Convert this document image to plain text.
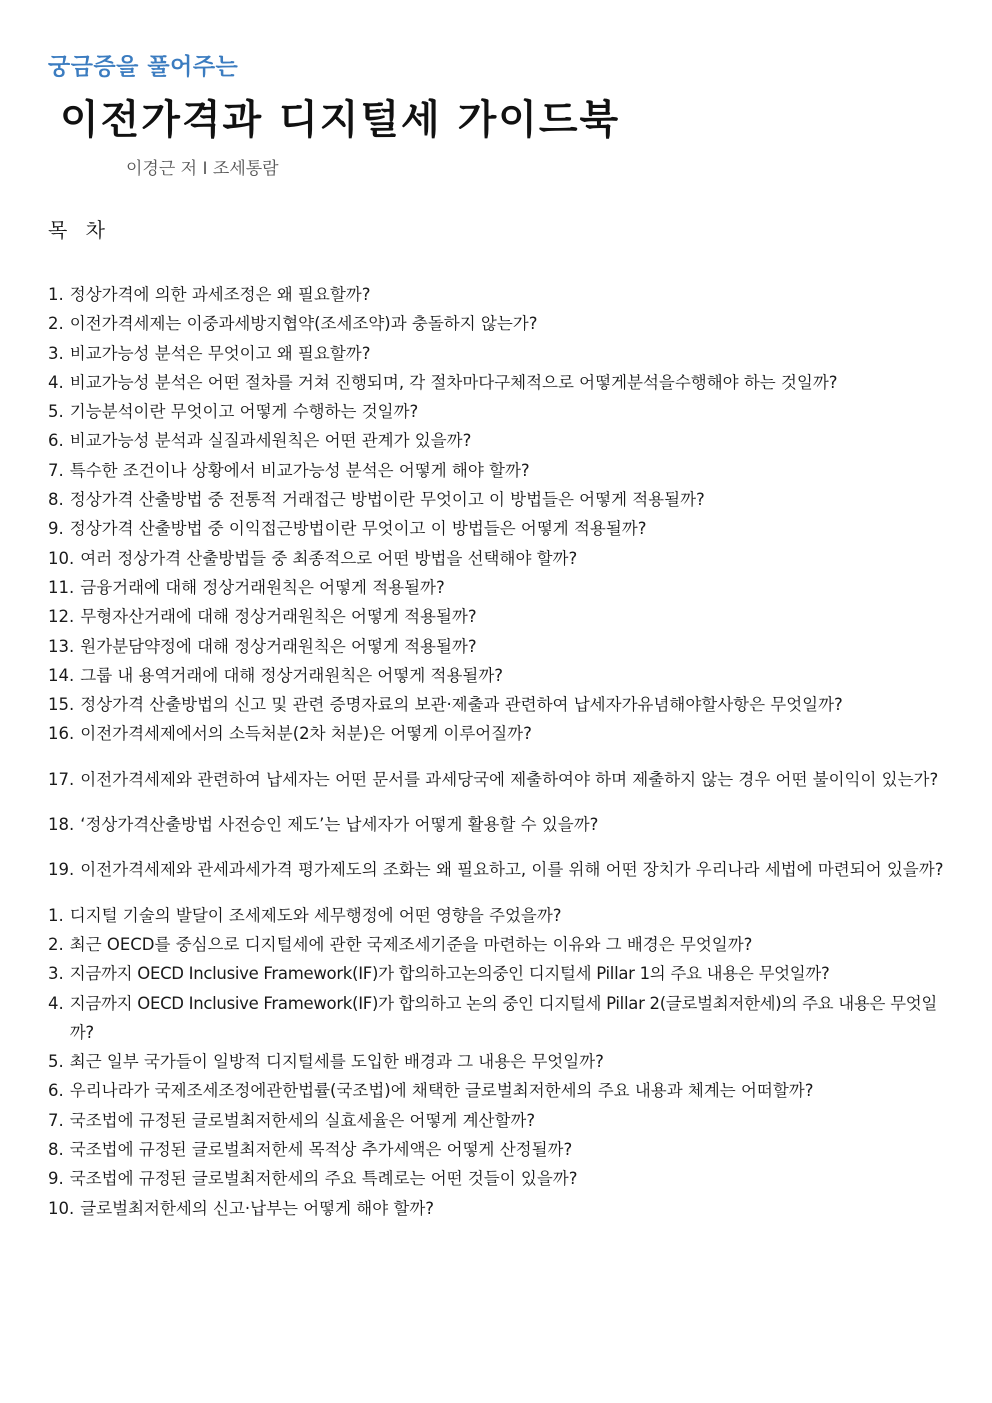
궁금증을 풀어주는
이전가격과 디지털세 가이드북
이경근 저 I 조세통람
목 차
1. 정상가격에 의한 과세조정은 왜 필요할까?
2. 이전가격세제는 이중과세방지협약(조세조약)과 충돌하지 않는가?
3. 비교가능성 분석은 무엇이고 왜 필요할까?
4. 비교가능성 분석은 어떤 절차를 거쳐 진행되며, 각 절차마다구체적으로 어떻게분석을수행해야 하는 것일까?
5. 기능분석이란 무엇이고 어떻게 수행하는 것일까?
6. 비교가능성 분석과 실질과세원칙은 어떤 관계가 있을까?
7. 특수한 조건이나 상황에서 비교가능성 분석은 어떻게 해야 할까?
8. 정상가격 산출방법 중 전통적 거래접근 방법이란 무엇이고 이 방법들은 어떻게 적용될까?
9. 정상가격 산출방법 중 이익접근방법이란 무엇이고 이 방법들은 어떻게 적용될까?
10. 여러 정상가격 산출방법들 중 최종적으로 어떤 방법을 선택해야 할까?
11. 금융거래에 대해 정상거래원칙은 어떻게 적용될까?
12. 무형자산거래에 대해 정상거래원칙은 어떻게 적용될까?
13. 원가분담약정에 대해 정상거래원칙은 어떻게 적용될까?
14. 그룹 내 용역거래에 대해 정상거래원칙은 어떻게 적용될까?
15. 정상가격 산출방법의 신고 및 관련 증명자료의 보관·제출과 관련하여 납세자가유념해야할사항은 무엇일까?
16. 이전가격세제에서의 소득처분(2차 처분)은 어떻게 이루어질까?
17. 이전가격세제와 관련하여 납세자는 어떤 문서를 과세당국에 제출하여야 하며 제출하지 않는 경우 어떤 불이익이 있는가?
18. ‘정상가격산출방법 사전승인 제도’는 납세자가 어떻게 활용할 수 있을까?
19. 이전가격세제와 관세과세가격 평가제도의 조화는 왜 필요하고, 이를 위해 어떤 장치가 우리나라 세법에 마련되어 있을까?
1. 디지털 기술의 발달이 조세제도와 세무행정에 어떤 영향을 주었을까?
2. 최근 OECD를 중심으로 디지털세에 관한 국제조세기준을 마련하는 이유와 그 배경은 무엇일까?
3. 지금까지 OECD Inclusive Framework(IF)가 합의하고논의중인 디지털세 Pillar 1의 주요 내용은 무엇일까?
4. 지금까지 OECD Inclusive Framework(IF)가 합의하고 논의 중인 디지털세 Pillar 2(글로벌최저한세)의 주요 내용은 무엇일까?
5. 최근 일부 국가들이 일방적 디지털세를 도입한 배경과 그 내용은 무엇일까?
6. 우리나라가 국제조세조정에관한법률(국조법)에 채택한 글로벌최저한세의 주요 내용과 체계는 어떠할까?
7. 국조법에 규정된 글로벌최저한세의 실효세율은 어떻게 계산할까?
8. 국조법에 규정된 글로벌최저한세 목적상 추가세액은 어떻게 산정될까?
9. 국조법에 규정된 글로벌최저한세의 주요 특례로는 어떤 것들이 있을까?
10. 글로벌최저한세의 신고·납부는 어떻게 해야 할까?
